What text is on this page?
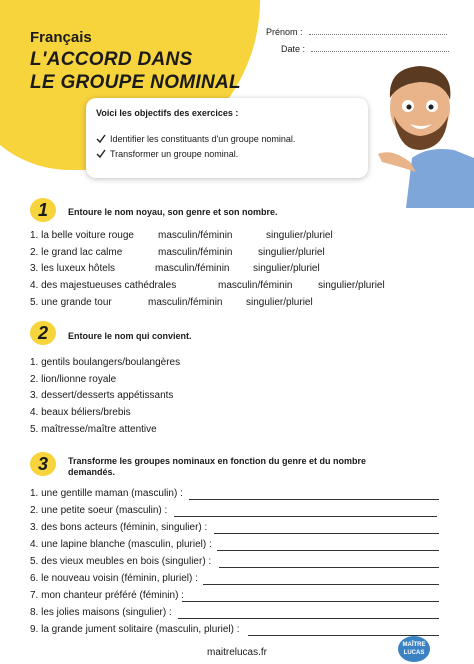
Français
L'ACCORD DANS
LE GROUPE NOMINAL
Prénom :
Date :
Voici les objectifs des exercices :
Identifier les constituants d'un groupe nominal.
Transformer un groupe nominal.
1	Entoure le nom noyau, son genre et son nombre.
1. la belle voiture rouge masculin/féminin	singulier/pluriel
2. le grand lac calme	masculin/féminin	singulier/pluriel
3. les luxeux hôtels	masculin/féminin singulier/pluriel
4. des majestueuses cathédrales	masculin/féminin	singulier/pluriel
5. une grande tour	masculin/féminin singulier/pluriel
2	Entoure le nom qui convient.
1. gentils boulangers/boulangères
2. lion/lionne royale
3. dessert/desserts appétissants
4. beaux béliers/brebis
5. maîtresse/maître attentive
3	Transforme les groupes nominaux en fonction du genre et du nombre
demandés.
1. une gentille maman (masculin) :
2. une petite soeur (masculin) :
3. des bons acteurs (féminin, singulier) :
4. une lapine blanche (masculin, pluriel) :
5. des vieux meubles en bois (singulier) :
6. le nouveau voisin (féminin, pluriel) :
7. mon chanteur préféré (féminin) :
8. les jolies maisons (singulier) :
9. la grande jument solitaire (masculin, pluriel) :
maitrelucas.fr
MAÎTRE
LUCAS
